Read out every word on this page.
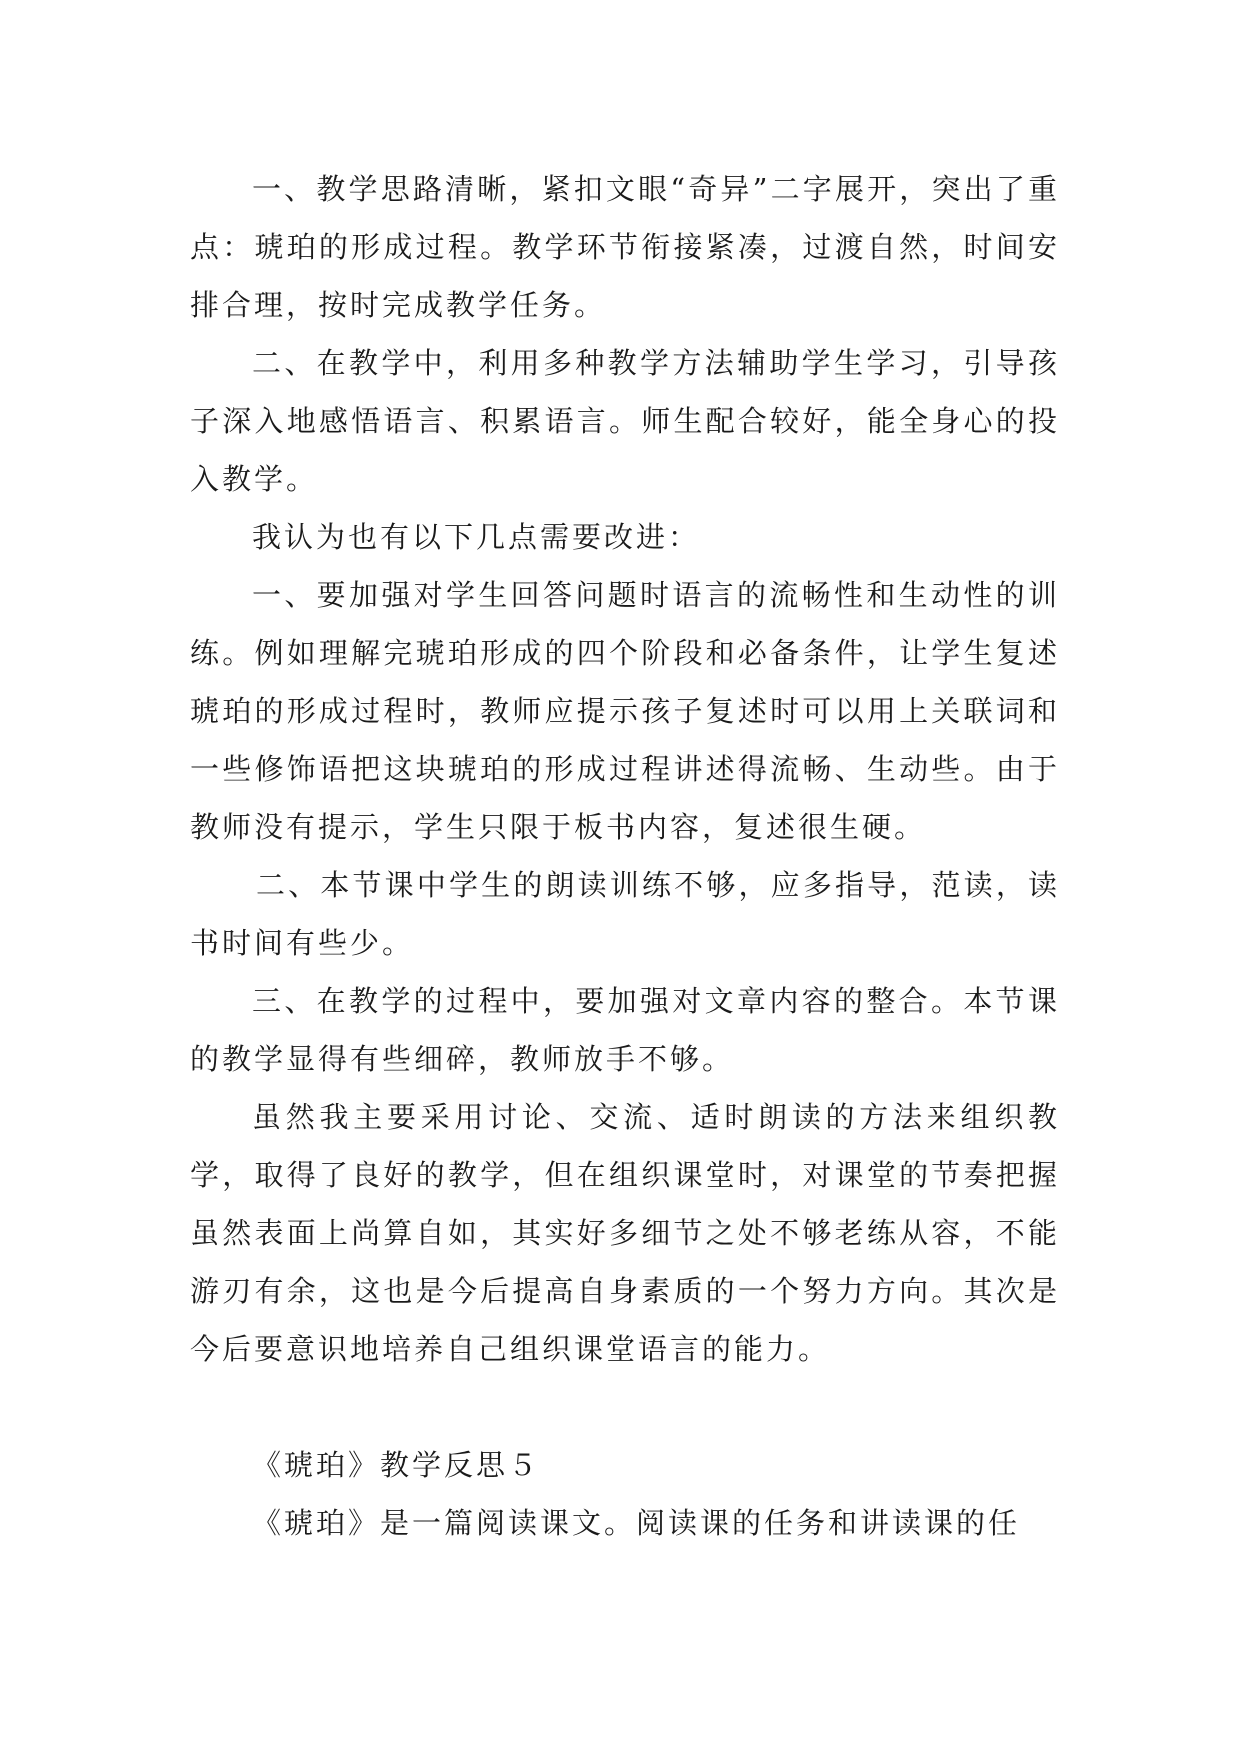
一、教学思路清晰，紧扣文眼“奇异”二字展开，突出了重点：琥珀的形成过程。教学环节衔接紧凑，过渡自然，时间安排合理，按时完成教学任务。

二、在教学中，利用多种教学方法辅助学生学习，引导孩子深入地感悟语言、积累语言。师生配合较好，能全身心的投入教学。

我认为也有以下几点需要改进：

一、要加强对学生回答问题时语言的流畅性和生动性的训练。例如理解完琥珀形成的四个阶段和必备条件，让学生复述琥珀的形成过程时，教师应提示孩子复述时可以用上关联词和一些修饰语把这块琥珀的形成过程讲述得流畅、生动些。由于教师没有提示，学生只限于板书内容，复述很生硬。

二、本节课中学生的朗读训练不够，应多指导，范读，读书时间有些少。

三、在教学的过程中，要加强对文章内容的整合。本节课的教学显得有些细碎，教师放手不够。

虽然我主要采用讨论、交流、适时朗读的方法来组织教学，取得了良好的教学，但在组织课堂时，对课堂的节奏把握虽然表面上尚算自如，其实好多细节之处不够老练从容，不能游刃有余，这也是今后提高自身素质的一个努力方向。其次是今后要意识地培养自己组织课堂语言的能力。

《琥珀》教学反思５

《琥珀》是一篇阅读课文。阅读课的任务和讲读课的任
